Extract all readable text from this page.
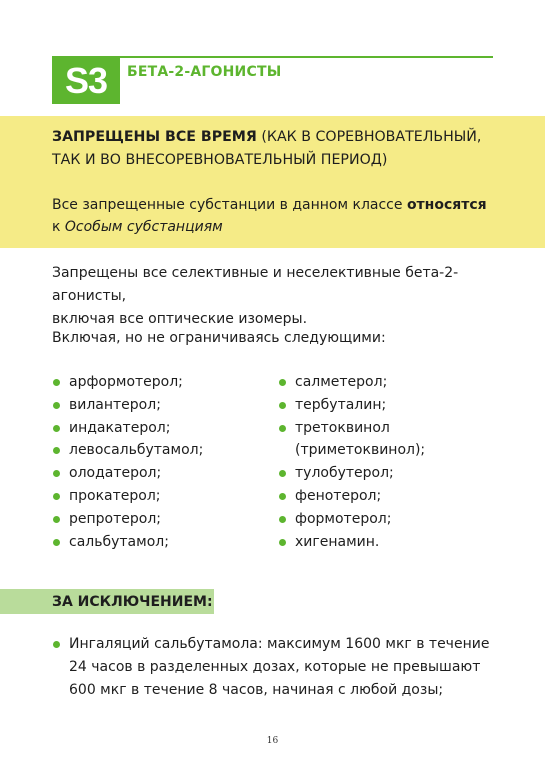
S3	БЕТА-2-АГОНИСТЫ
ЗАПРЕЩЕНЫ ВСЕ ВРЕМЯ (КАК В СОРЕВНОВАТЕЛЬНЫЙ,
ТАК И ВО ВНЕСОРЕВНОВАТЕЛЬНЫЙ ПЕРИОД)
Все запрещенные субстанции в данном классе относятся
к Особым субстанциям
Запрещены все селективные и неселективные бета-2-агонисты,
включая все оптические изомеры.
Включая, но не ограничиваясь следующими:
арформотерол;
вилантерол;
индакатерол;
левосальбутамол;
олодатерол;
прокатерол;
репротерол;
сальбутамол;
салметерол;
тербуталин;
третоквинол
(триметоквинол);
тулобутерол;
фенотерол;
формотерол;
хигенамин.
ЗА ИСКЛЮЧЕНИЕМ:
Ингаляций сальбутамола: максимум 1600 мкг в течение
24 часов в разделенных дозах, которые не превышают
600 мкг в течение 8 часов, начиная с любой дозы;
16
